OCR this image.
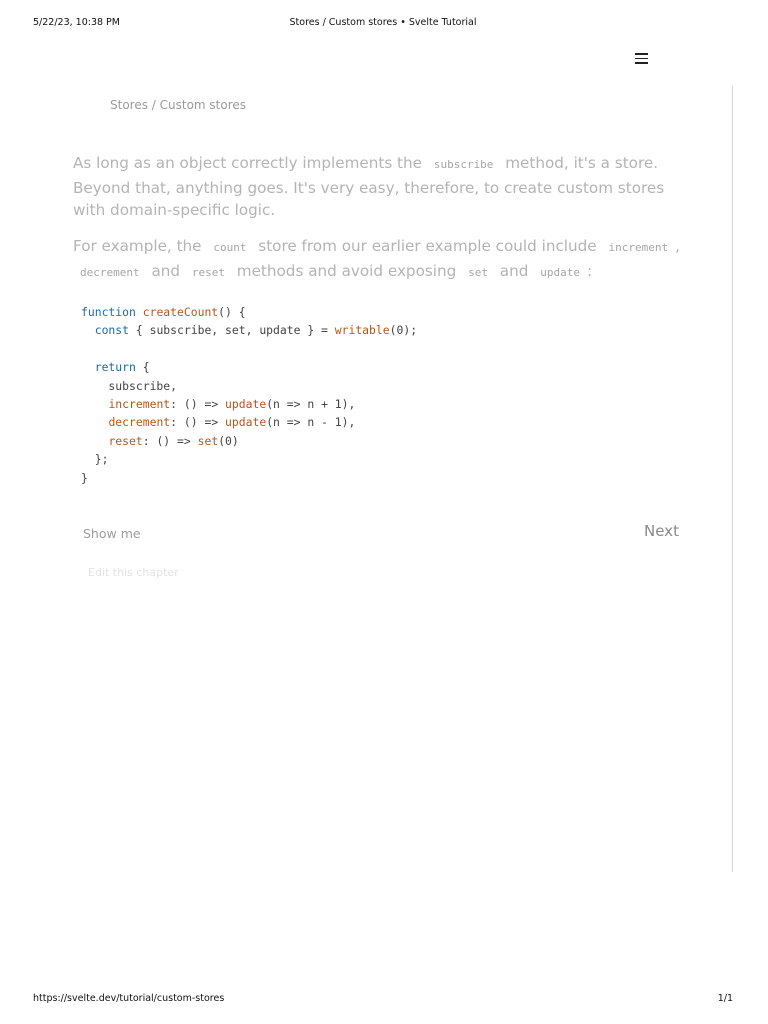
5/22/23, 10:38 PM	Stores / Custom stores • Svelte Tutorial
Stores / Custom stores

As long as an object correctly implements the subscribe method, it's a store. Beyond that, anything goes. It's very easy, therefore, to create custom stores with domain-specific logic.

For example, the count store from our earlier example could include increment , decrement and reset methods and avoid exposing set and update :

function createCount() {
const { subscribe, set, update } = writable(0);

return {
subscribe,
increment: () => update(n => n + 1),
decrement: () => update(n => n - 1),
reset: () => set(0)
};
}
Show me	Next
Edit this chapter
https://svelte.dev/tutorial/custom-stores	1/1
